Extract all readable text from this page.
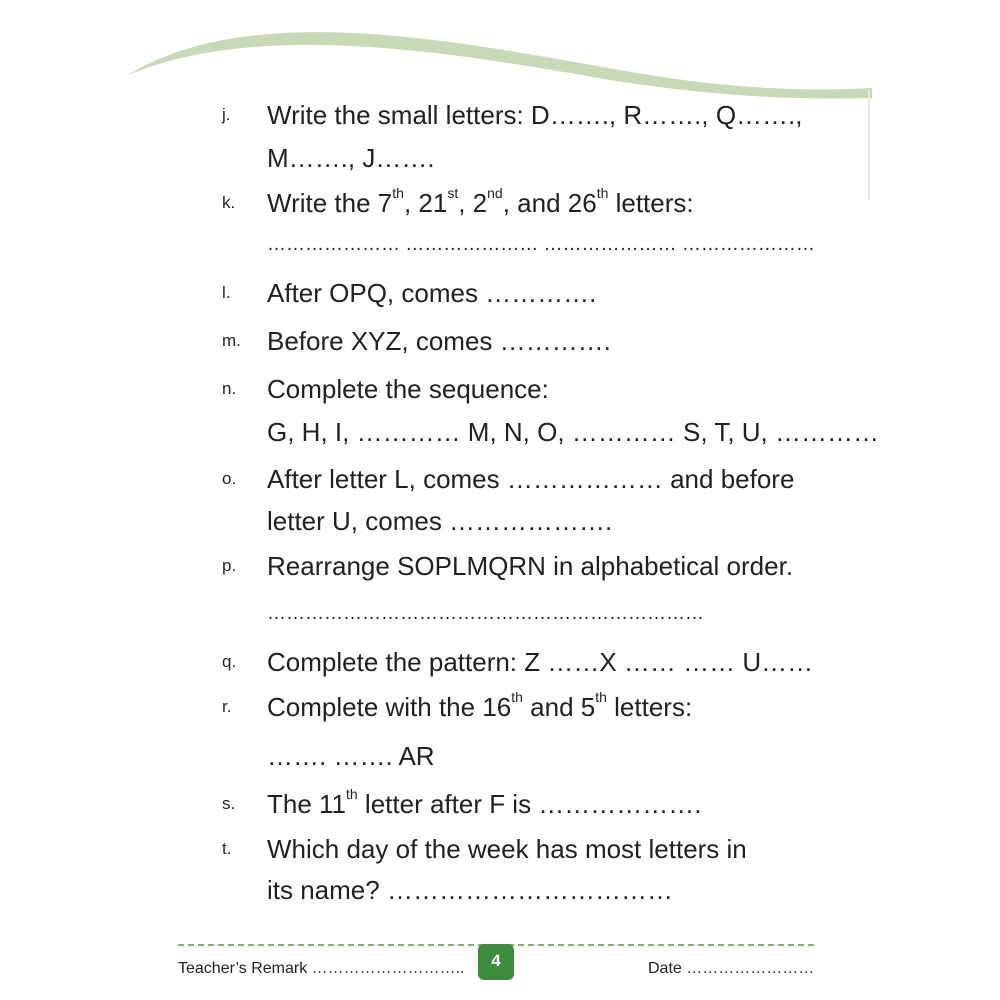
j. Write the small letters: D……., R……., Q…….,
M……., J…….
k. Write the 7th, 21st, 2nd, and 26th letters:
………………… ………………… ………………… …………………
l. After OPQ, comes ………….
m. Before XYZ, comes ………….
n. Complete the sequence:
G, H, I, ………… M, N, O, ………… S, T, U, …………
o. After letter L, comes ……………… and before
letter U, comes ……………….
p. Rearrange SOPLMQRN in alphabetical order.
……………………………………………………………
q. Complete the pattern: Z ……X …… …… U……
r. Complete with the 16th and 5th letters:
……. ……. AR
s. The 11th letter after F is ……………….
t. Which day of the week has most letters in
its name? ……………………………
Teacher’s Remark ………………………..	4	Date ……………………
